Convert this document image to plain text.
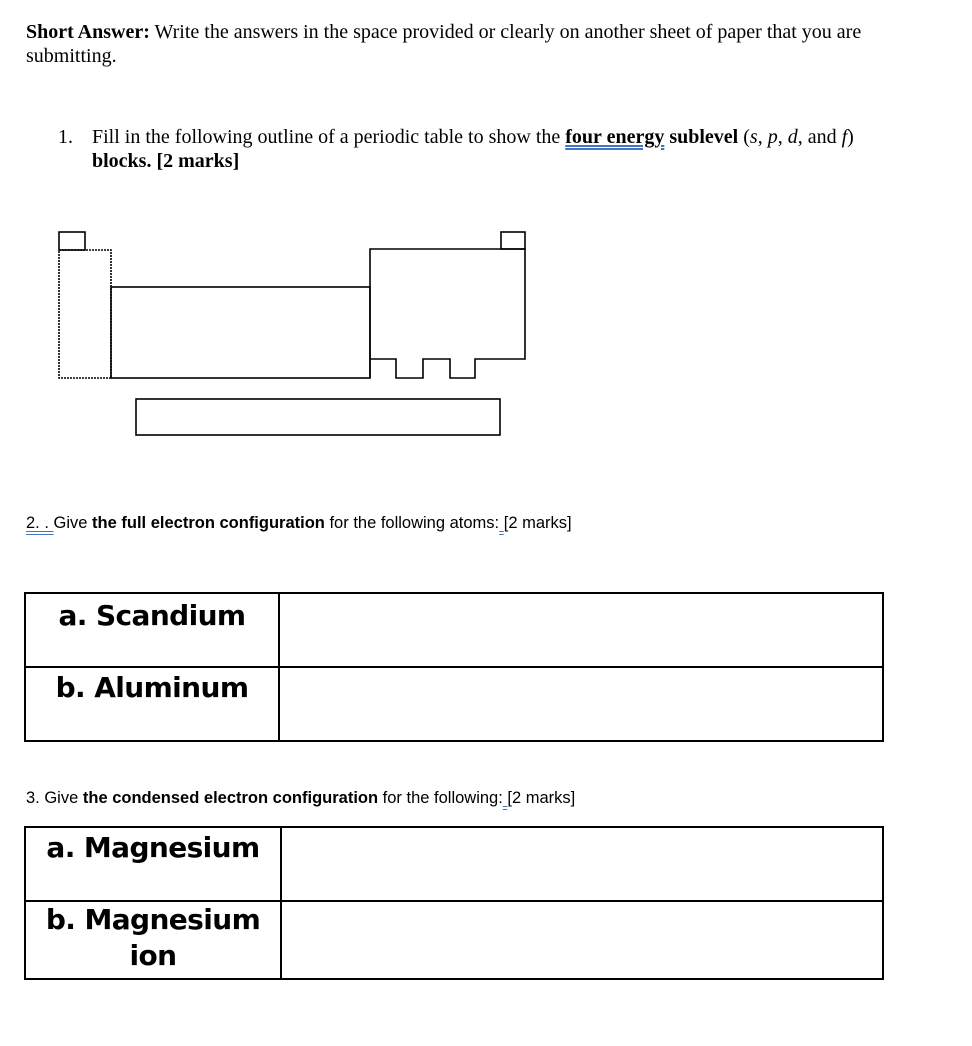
Short Answer: Write the answers in the space provided or clearly on another sheet of paper that you are submitting.
1. Fill in the following outline of a periodic table to show the four energy sublevel (s, p, d, and f) blocks. [2 marks]
2. . Give the full electron configuration for the following atoms: [2 marks]
a. Scandium	
b. Aluminum	
3. Give the condensed electron configuration for the following: [2 marks]
a. Magnesium	

b. Magnesium
ion	
